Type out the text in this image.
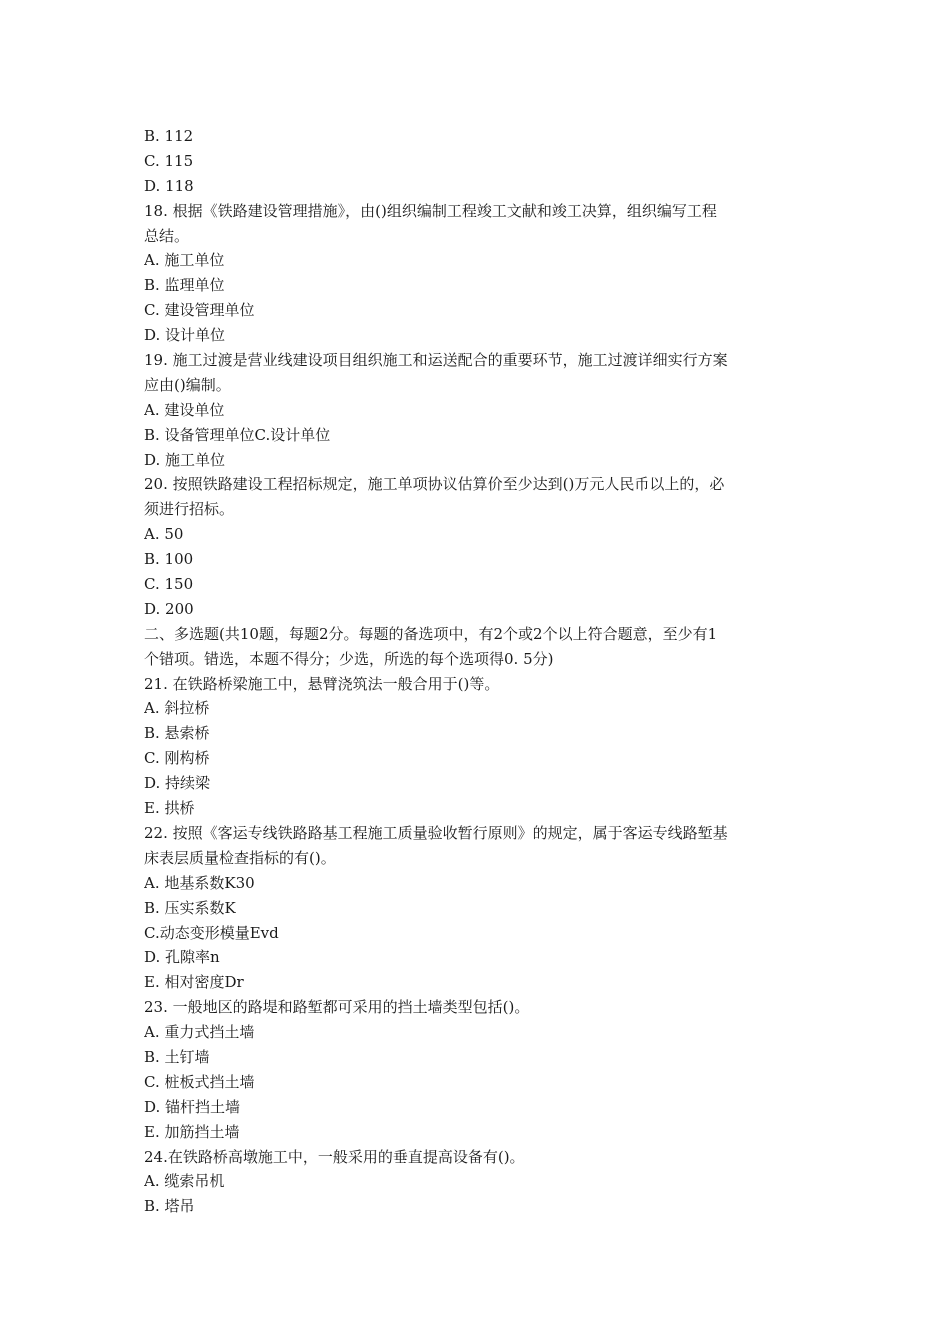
B. 112
C. 115
D. 118
18. 根据《铁路建设管理措施》，由()组织编制工程竣工文献和竣工决算，组织编写工程
总结。
A. 施工单位
B. 监理单位
C. 建设管理单位
D. 设计单位
19. 施工过渡是营业线建设项目组织施工和运送配合的重要环节，施工过渡详细实行方案
应由()编制。
A. 建设单位
B. 设备管理单位C.设计单位
D. 施工单位
20. 按照铁路建设工程招标规定，施工单项协议估算价至少达到()万元人民币以上的，必
须进行招标。
A. 50
B. 100
C. 150
D. 200
二、多选题(共10题，每题2分。每题的备选项中，有2个或2个以上符合题意，至少有1
个错项。错选，本题不得分；少选，所选的每个选项得0. 5分)
21. 在铁路桥梁施工中，悬臂浇筑法一般合用于()等。
A. 斜拉桥
B. 悬索桥
C. 刚构桥
D. 持续梁
E. 拱桥
22. 按照《客运专线铁路路基工程施工质量验收暂行原则》的规定，属于客运专线路堑基
床表层质量检查指标的有()。
A. 地基系数K30
B. 压实系数K
C.动态变形模量Evd
D. 孔隙率n
E. 相对密度Dr
23. 一般地区的路堤和路堑都可采用的挡土墙类型包括()。
A. 重力式挡土墙
B. 土钉墙
C. 桩板式挡土墙
D. 锚杆挡土墙
E. 加筋挡土墙
24.在铁路桥高墩施工中，一般采用的垂直提高设备有()。
A. 缆索吊机
B. 塔吊
